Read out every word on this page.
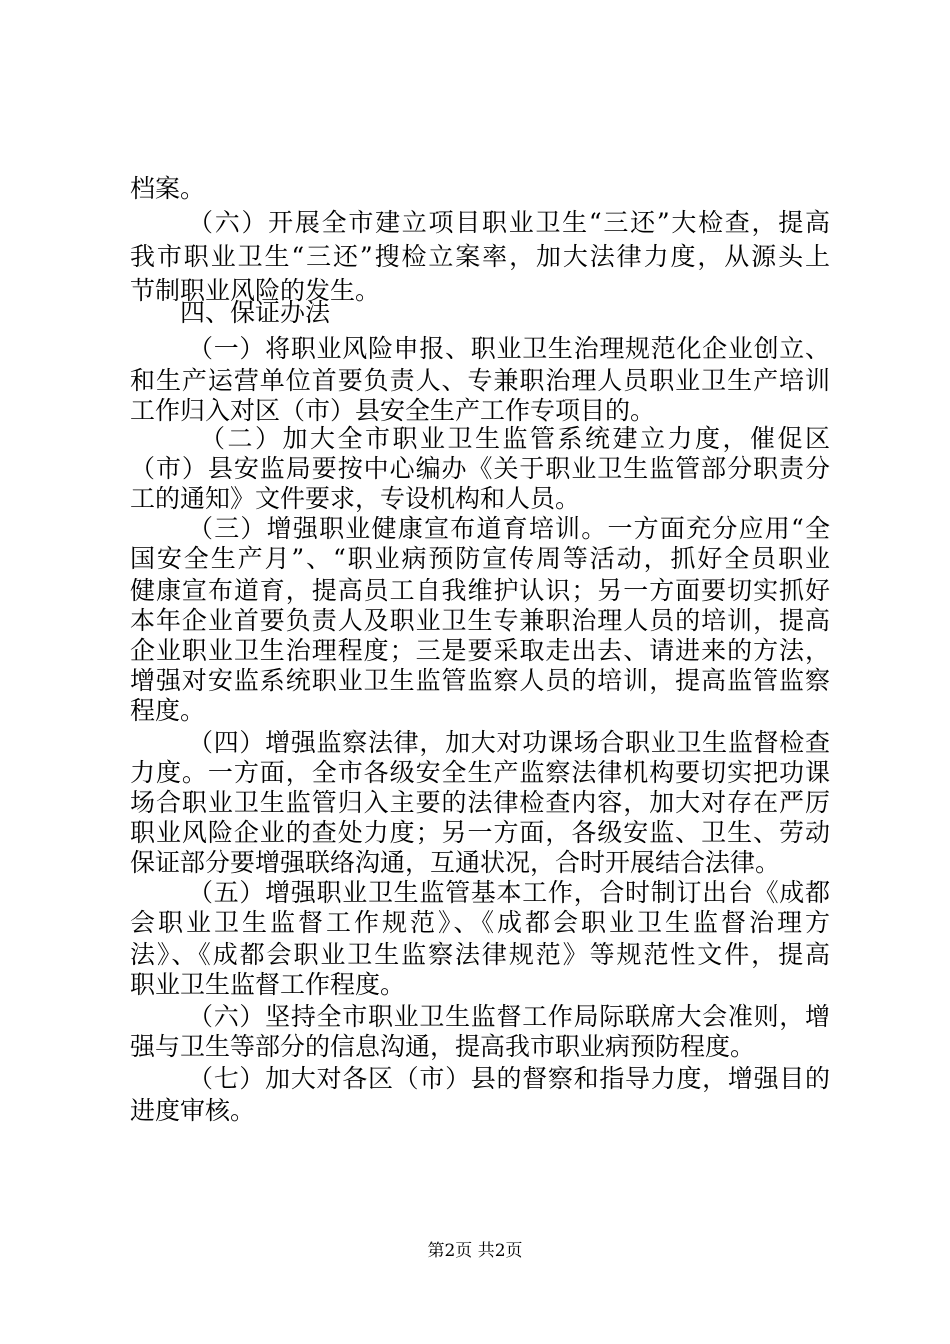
档案。
（六）开展全市建立项目职业卫生“三还”大检查，提高
我市职业卫生“三还”搜检立案率，加大法律力度，从源头上
节制职业风险的发生。
四、保证办法
（一）将职业风险申报、职业卫生治理规范化企业创立、
和生产运营单位首要负责人、专兼职治理人员职业卫生产培训
工作归入对区（市）县安全生产工作专项目的。
（二）加大全市职业卫生监管系统建立力度，催促区
（市）县安监局要按中心编办《关于职业卫生监管部分职责分
工的通知》文件要求，专设机构和人员。
（三）增强职业健康宣布道育培训。一方面充分应用“全
国安全生产月”、“职业病预防宣传周等活动，抓好全员职业
健康宣布道育，提高员工自我维护认识；另一方面要切实抓好
本年企业首要负责人及职业卫生专兼职治理人员的培训，提高
企业职业卫生治理程度；三是要采取走出去、请进来的方法，
增强对安监系统职业卫生监管监察人员的培训，提高监管监察
程度。
（四）增强监察法律，加大对功课场合职业卫生监督检查
力度。一方面，全市各级安全生产监察法律机构要切实把功课
场合职业卫生监管归入主要的法律检查内容，加大对存在严厉
职业风险企业的查处力度；另一方面，各级安监、卫生、劳动
保证部分要增强联络沟通，互通状况，合时开展结合法律。
（五）增强职业卫生监管基本工作，合时制订出台《成都
会职业卫生监督工作规范》、《成都会职业卫生监督治理方
法》、《成都会职业卫生监察法律规范》等规范性文件，提高
职业卫生监督工作程度。
（六）坚持全市职业卫生监督工作局际联席大会准则，增
强与卫生等部分的信息沟通，提高我市职业病预防程度。
（七）加大对各区（市）县的督察和指导力度，增强目的
进度审核。
第2页 共2页
